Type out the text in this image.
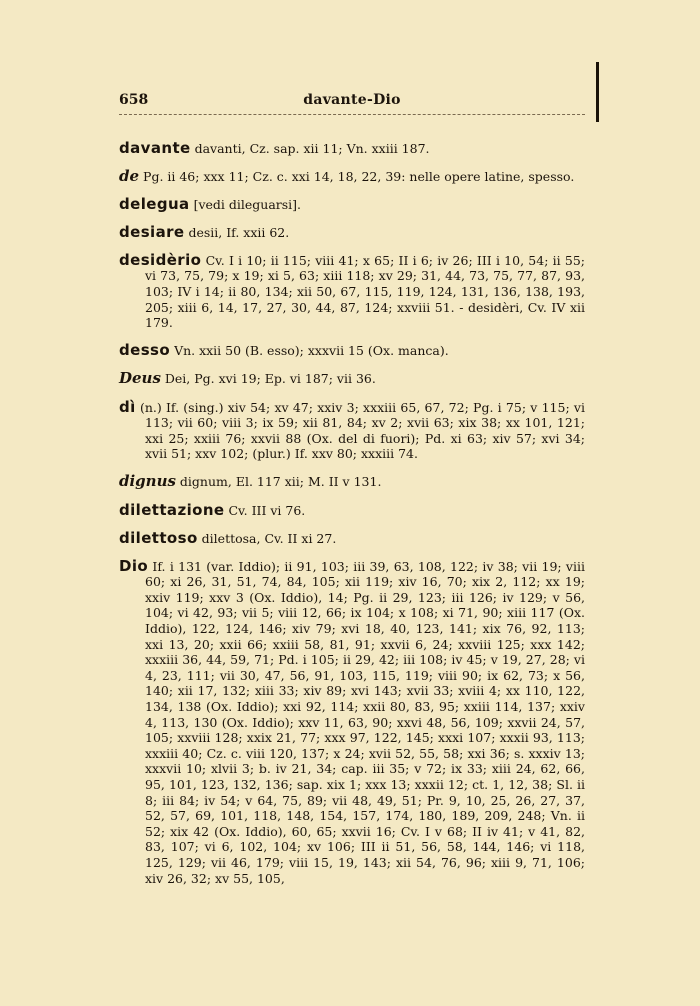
658	davante-Dio

davante davanti, Cz. sap. xii 11; Vn. xxiii 187.

de Pg. ii 46; xxx 11; Cz. c. xxi 14, 18, 22, 39: nelle opere latine, spesso.

delegua [vedi dileguarsi].

desiare desii, If. xxii 62.

desidèrio Cv. I i 10; ii 115; viii 41; x 65; II i 6; iv 26; III i 10, 54; ii 55; vi 73, 75, 79; x 19; xi 5, 63; xiii 118; xv 29; 31, 44, 73, 75, 77, 87, 93, 103; IV i 14; ii 80, 134; xii 50, 67, 115, 119, 124, 131, 136, 138, 193, 205; xiii 6, 14, 17, 27, 30, 44, 87, 124; xxviii 51. - desidèri, Cv. IV xii 179.

desso Vn. xxii 50 (B. esso); xxxvii 15 (Ox. manca).

Deus Dei, Pg. xvi 19; Ep. vi 187; vii 36.

dì (n.) If. (sing.) xiv 54; xv 47; xxiv 3; xxxiii 65, 67, 72; Pg. i 75; v 115; vi 113; vii 60; viii 3; ix 59; xii 81, 84; xv 2; xvii 63; xix 38; xx 101, 121; xxi 25; xxiii 76; xxvii 88 (Ox. del di fuori); Pd. xi 63; xiv 57; xvi 34; xvii 51; xxv 102; (plur.) If. xxv 80; xxxiii 74.

dignus dignum, El. 117 xii; M. II v 131.

dilettazione Cv. III vi 76.

dilettoso dilettosa, Cv. II xi 27.

Dio If. i 131 (var. Iddio); ii 91, 103; iii 39, 63, 108, 122; iv 38; vii 19; viii 60; xi 26, 31, 51, 74, 84, 105; xii 119; xiv 16, 70; xix 2, 112; xx 19; xxiv 119; xxv 3 (Ox. Iddio), 14; Pg. ii 29, 123; iii 126; iv 129; v 56, 104; vi 42, 93; vii 5; viii 12, 66; ix 104; x 108; xi 71, 90; xiii 117 (Ox. Iddio), 122, 124, 146; xiv 79; xvi 18, 40, 123, 141; xix 76, 92, 113; xxi 13, 20; xxii 66; xxiii 58, 81, 91; xxvii 6, 24; xxviii 125; xxx 142; xxxiii 36, 44, 59, 71; Pd. i 105; ii 29, 42; iii 108; iv 45; v 19, 27, 28; vi 4, 23, 111; vii 30, 47, 56, 91, 103, 115, 119; viii 90; ix 62, 73; x 56, 140; xii 17, 132; xiii 33; xiv 89; xvi 143; xvii 33; xviii 4; xx 110, 122, 134, 138 (Ox. Iddio); xxi 92, 114; xxii 80, 83, 95; xxiii 114, 137; xxiv 4, 113, 130 (Ox. Iddio); xxv 11, 63, 90; xxvi 48, 56, 109; xxvii 24, 57, 105; xxviii 128; xxix 21, 77; xxx 97, 122, 145; xxxi 107; xxxii 93, 113; xxxiii 40; Cz. c. viii 120, 137; x 24; xvii 52, 55, 58; xxi 36; s. xxxiv 13; xxxvii 10; xlvii 3; b. iv 21, 34; cap. iii 35; v 72; ix 33; xiii 24, 62, 66, 95, 101, 123, 132, 136; sap. xix 1; xxx 13; xxxii 12; ct. 1, 12, 38; Sl. ii 8; iii 84; iv 54; v 64, 75, 89; vii 48, 49, 51; Pr. 9, 10, 25, 26, 27, 37, 52, 57, 69, 101, 118, 148, 154, 157, 174, 180, 189, 209, 248; Vn. ii 52; xix 42 (Ox. Iddio), 60, 65; xxvii 16; Cv. I v 68; II iv 41; v 41, 82, 83, 107; vi 6, 102, 104; xv 106; III ii 51, 56, 58, 144, 146; vi 118, 125, 129; vii 46, 179; viii 15, 19, 143; xii 54, 76, 96; xiii 9, 71, 106; xiv 26, 32; xv 55, 105,
